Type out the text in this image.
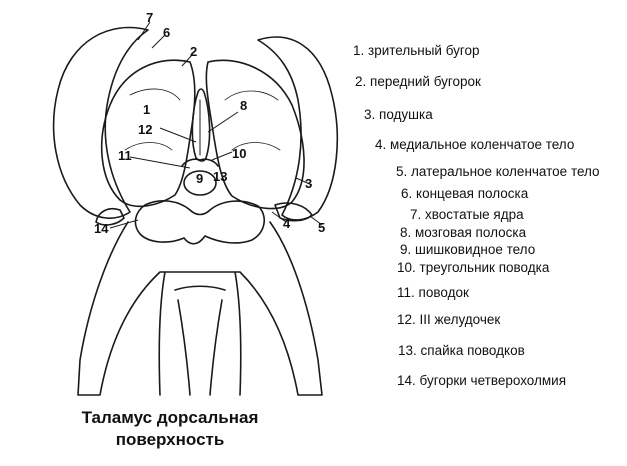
7
6
2
1
12
11
8
10
9 13	3
4 5
14
1. зрительный бугор
2. передний бугорок
3. подушка
4. медиальное коленчатое тело
5. латеральное коленчатое тело
6. концевая полоска
7. хвостатые ядра
8. мозговая полоска
9. шишковидное тело
10. треугольник поводка
11. поводок
12. III желудочек
13. спайка поводков
14. бугорки четверохолмия
Таламус дорсальная
поверхность
